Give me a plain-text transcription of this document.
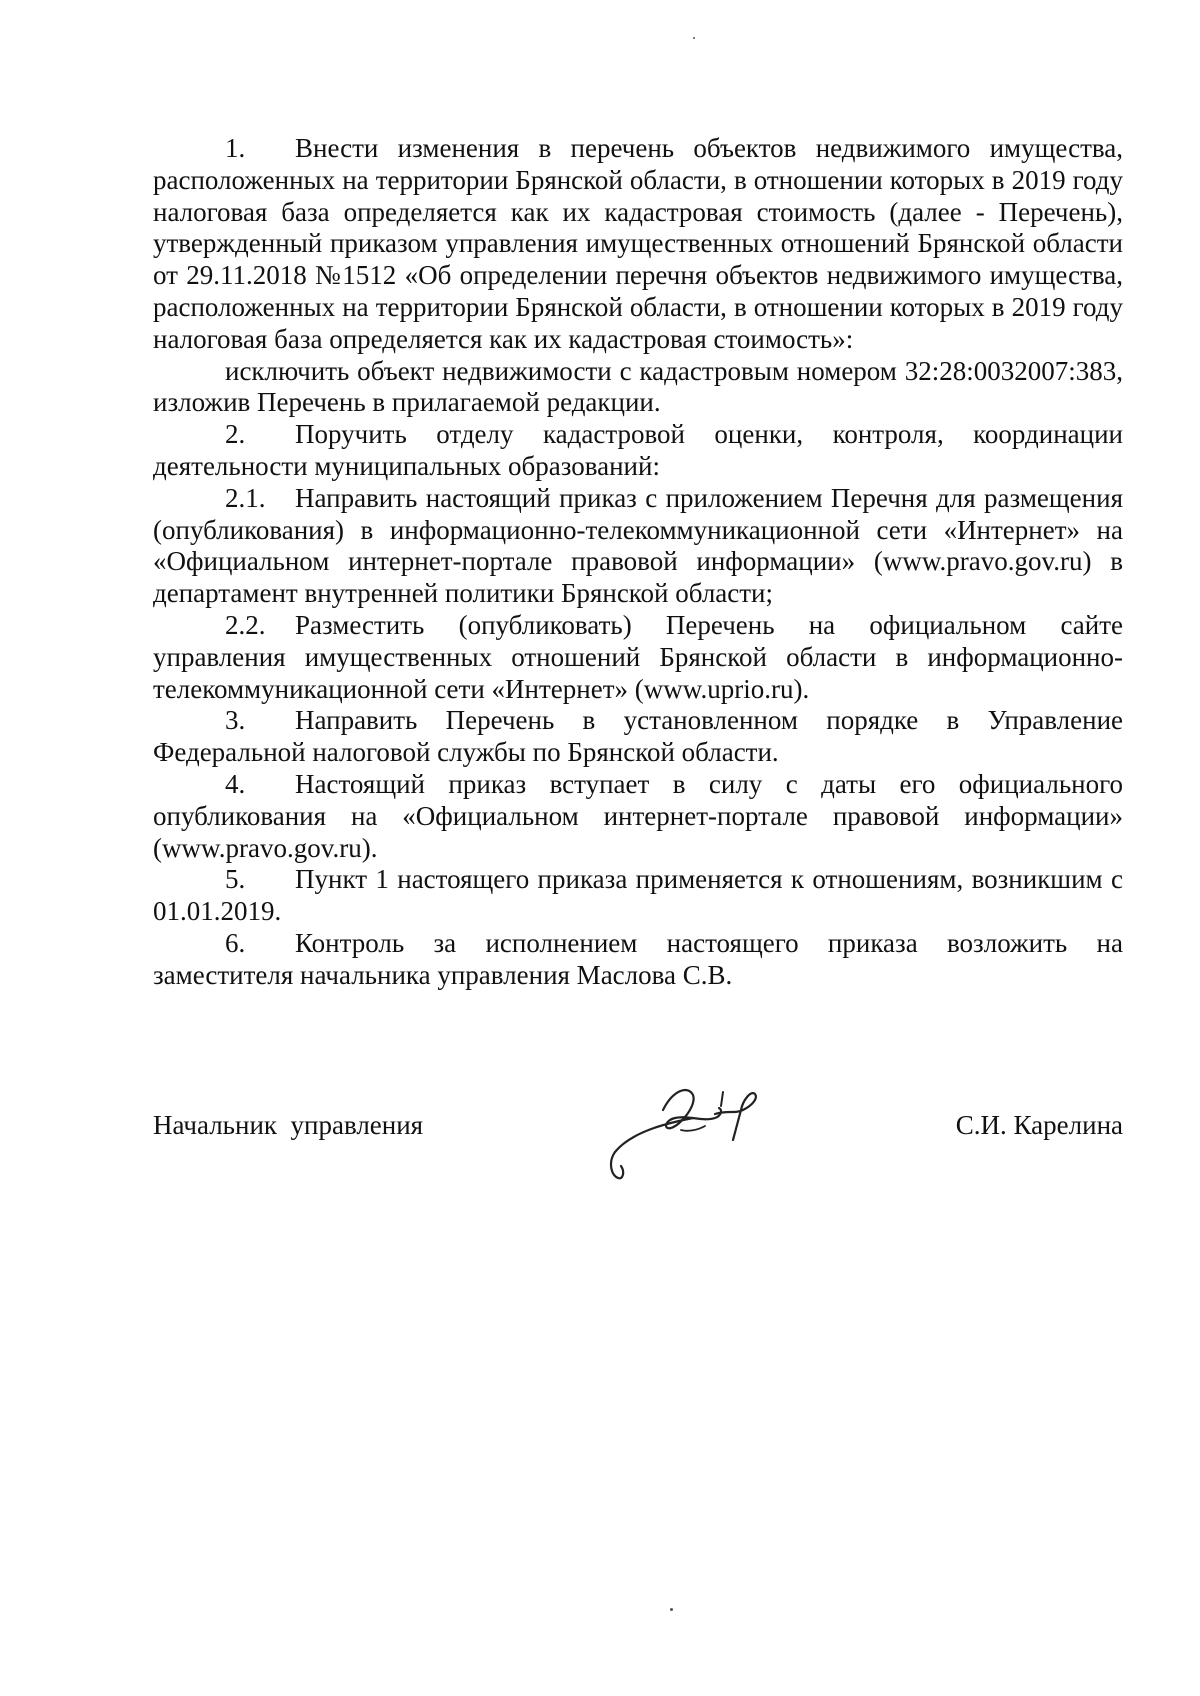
1. Внести изменения в перечень объектов недвижимого имущества, расположенных на территории Брянской области, в отношении которых в 2019 году налоговая база определяется как их кадастровая стоимость (далее - Перечень), утвержденный приказом управления имущественных отношений Брянской области от 29.11.2018 №1512 «Об определении перечня объектов недвижимого имущества, расположенных на территории Брянской области, в отношении которых в 2019 году налоговая база определяется как их кадастровая стоимость»:

исключить объект недвижимости с кадастровым номером 32:28:0032007:383, изложив Перечень в прилагаемой редакции.

2. Поручить отделу кадастровой оценки, контроля, координации деятельности муниципальных образований:

2.1. Направить настоящий приказ с приложением Перечня для размещения (опубликования) в информационно-телекоммуникационной сети «Интернет» на «Официальном интернет-портале правовой информации» (www.pravo.gov.ru) в департамент внутренней политики Брянской области;

2.2. Разместить (опубликовать) Перечень на официальном сайте управления имущественных отношений Брянской области в информационно-телекоммуникационной сети «Интернет» (www.uprio.ru).

3. Направить Перечень в установленном порядке в Управление Федеральной налоговой службы по Брянской области.

4. Настоящий приказ вступает в силу с даты его официального опубликования на «Официальном интернет-портале правовой информации» (www.pravo.gov.ru).

5. Пункт 1 настоящего приказа применяется к отношениям, возникшим с 01.01.2019.

6. Контроль за исполнением настоящего приказа возложить на заместителя начальника управления Маслова С.В.

Начальник  управления	С.И. Карелина
